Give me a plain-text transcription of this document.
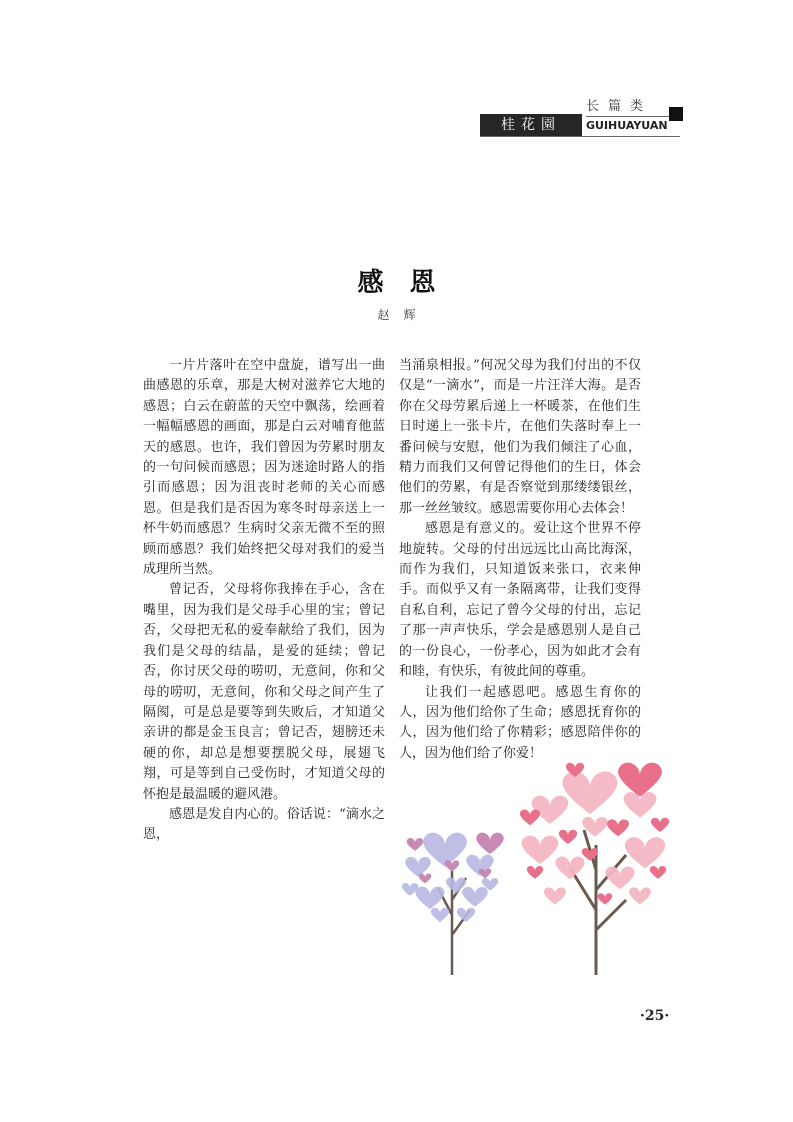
桂花園
长篇类
GUIHUAYUAN
感恩
赵辉

一片片落叶在空中盘旋，谱写出一曲曲感恩的乐章，那是大树对滋养它大地的感恩；白云在蔚蓝的天空中飘荡，绘画着一幅幅感恩的画面，那是白云对哺育他蓝天的感恩。也许，我们曾因为劳累时朋友的一句问候而感恩；因为迷途时路人的指引而感恩；因为沮丧时老师的关心而感恩。但是我们是否因为寒冬时母亲送上一杯牛奶而感恩？生病时父亲无微不至的照顾而感恩？我们始终把父母对我们的爱当成理所当然。

曾记否，父母将你我捧在手心，含在嘴里，因为我们是父母手心里的宝；曾记否，父母把无私的爱奉献给了我们，因为我们是父母的结晶，是爱的延续；曾记否，你讨厌父母的唠叨，无意间，你和父母的唠叨，无意间，你和父母之间产生了隔阂，可是总是要等到失败后，才知道父亲讲的都是金玉良言；曾记否，翅膀还未硬的你，却总是想要摆脱父母，展翅飞翔，可是等到自己受伤时，才知道父母的怀抱是最温暖的避风港。

感恩是发自内心的。俗话说：“滴水之恩，

当涌泉相报。”何况父母为我们付出的不仅仅是“一滴水”，而是一片汪洋大海。是否你在父母劳累后递上一杯暖茶，在他们生日时递上一张卡片，在他们失落时奉上一番问候与安慰，他们为我们倾注了心血，精力而我们又何曾记得他们的生日，体会他们的劳累，有是否察觉到那缕缕银丝，那一丝丝皱纹。感恩需要你用心去体会！

感恩是有意义的。爱让这个世界不停地旋转。父母的付出远远比山高比海深，而作为我们，只知道饭来张口，衣来伸手。而似乎又有一条隔离带，让我们变得自私自利，忘记了曾今父母的付出，忘记了那一声声快乐，学会是感恩别人是自己的一份良心，一份孝心，因为如此才会有和睦，有快乐，有彼此间的尊重。

让我们一起感恩吧。感恩生育你的人，因为他们给你了生命；感恩抚育你的人，因为他们给了你精彩；感恩陪伴你的人，因为他们给了你爱！

·25·
